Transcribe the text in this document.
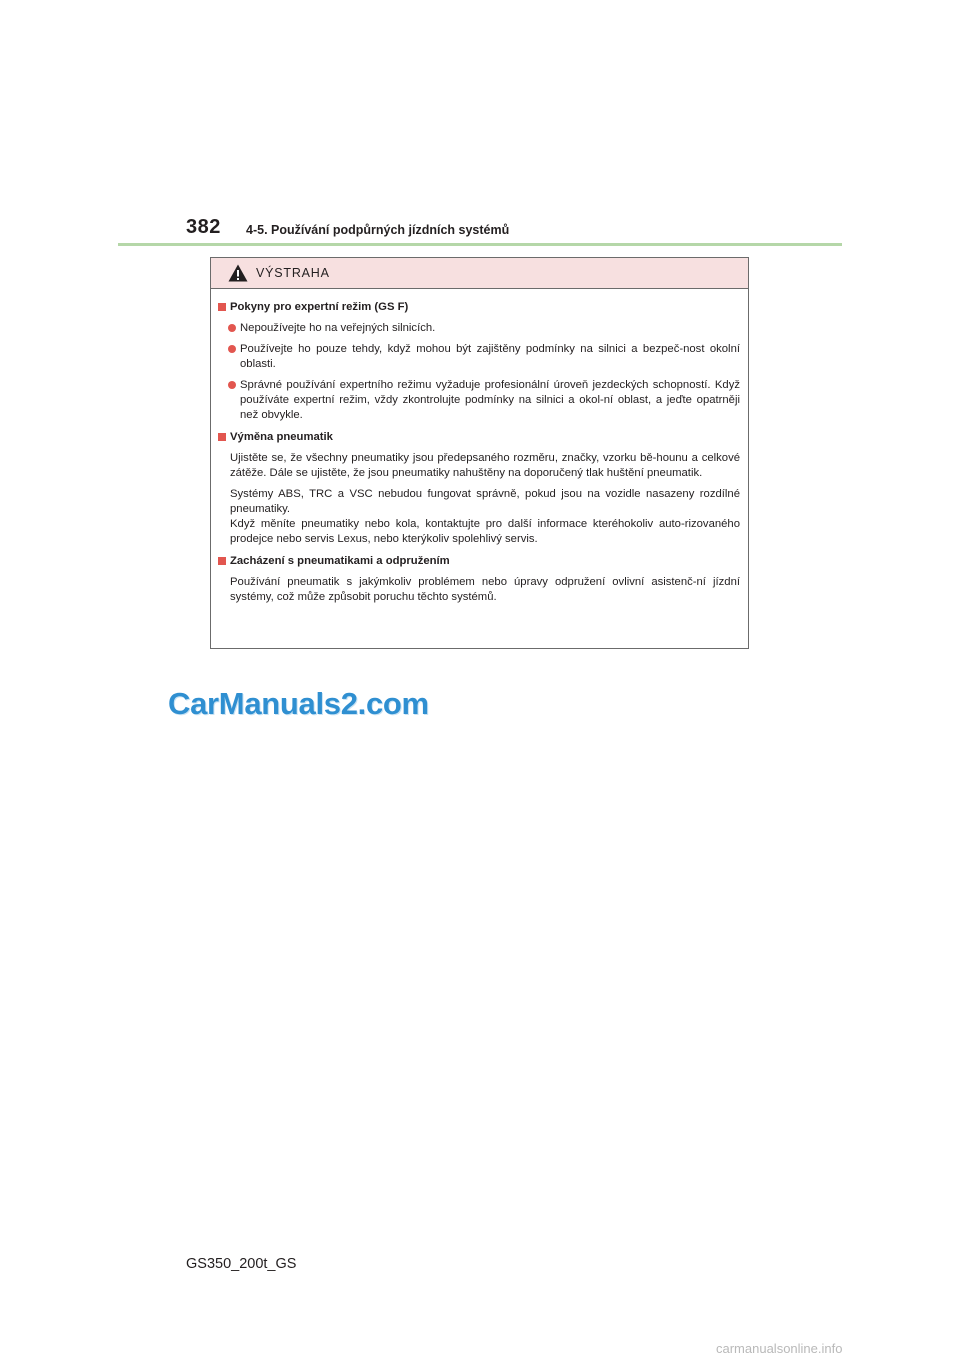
382 4-5. Používání podpůrných jízdních systémů
VÝSTRAHA
Pokyny pro expertní režim (GS F)
Nepoužívejte ho na veřejných silnicích.
Používejte ho pouze tehdy, když mohou být zajištěny podmínky na silnici a bezpeč-nost okolní oblasti.
Správné používání expertního režimu vyžaduje profesionální úroveň jezdeckých schopností. Když používáte expertní režim, vždy zkontrolujte podmínky na silnici a okol-ní oblast, a jeďte opatrněji než obvykle.
Výměna pneumatik
Ujistěte se, že všechny pneumatiky jsou předepsaného rozměru, značky, vzorku bě-hounu a celkové zátěže. Dále se ujistěte, že jsou pneumatiky nahuštěny na doporučený tlak huštění pneumatik.
Systémy ABS, TRC a VSC nebudou fungovat správně, pokud jsou na vozidle nasazeny rozdílné pneumatiky.
Když měníte pneumatiky nebo kola, kontaktujte pro další informace kteréhokoliv auto-rizovaného prodejce nebo servis Lexus, nebo kterýkoliv spolehlivý servis.
Zacházení s pneumatikami a odpružením
Používání pneumatik s jakýmkoliv problémem nebo úpravy odpružení ovlivní asistenč-ní jízdní systémy, což může způsobit poruchu těchto systémů.
CarManuals2.com
GS350_200t_GS
carmanualsonline.info
